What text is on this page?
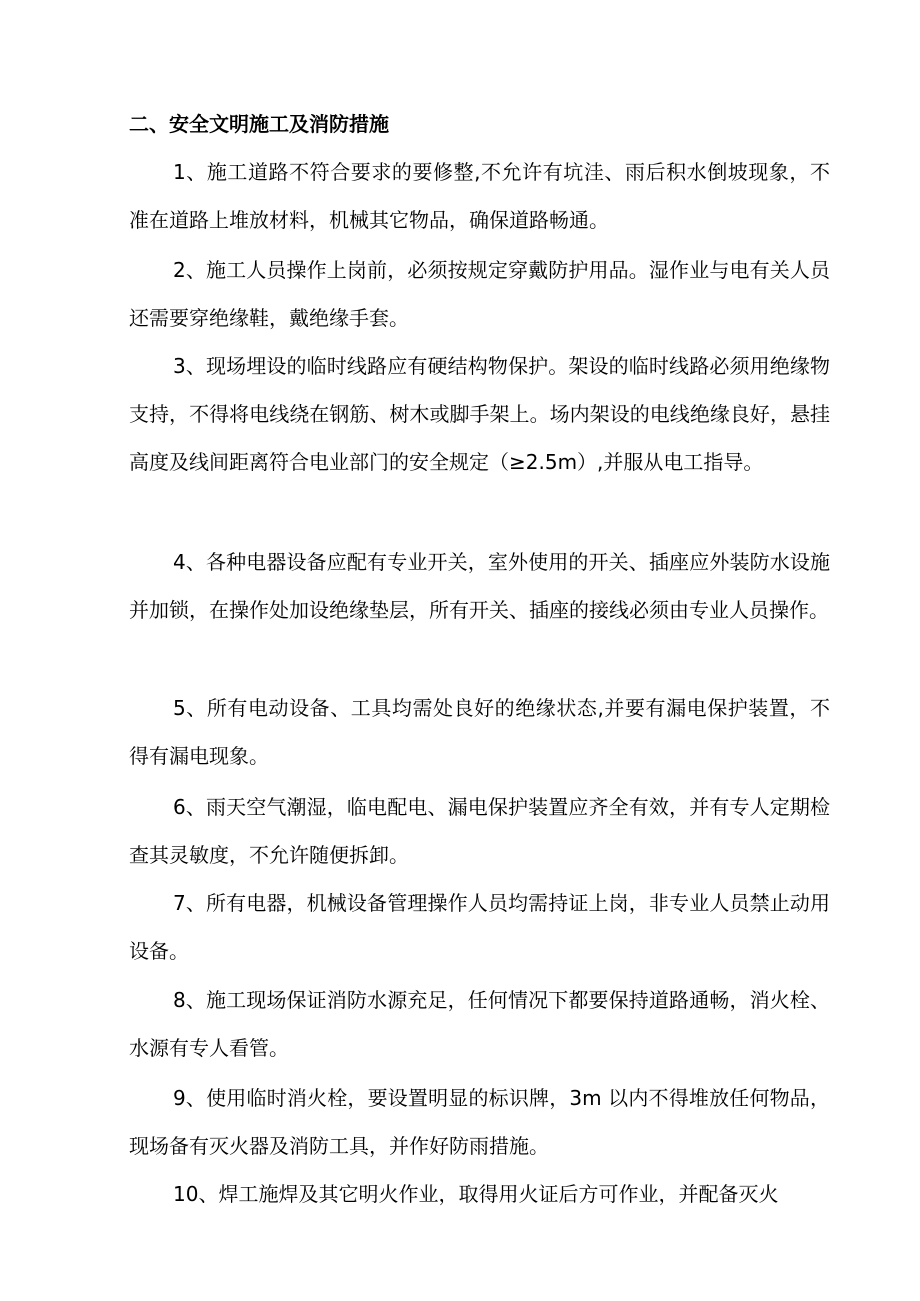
二、安全文明施工及消防措施
1、施工道路不符合要求的要修整,不允许有坑洼、雨后积水倒坡现象，不准在道路上堆放材料，机械其它物品，确保道路畅通。
2、施工人员操作上岗前，必须按规定穿戴防护用品。湿作业与电有关人员还需要穿绝缘鞋，戴绝缘手套。
3、现场埋设的临时线路应有硬结构物保护。架设的临时线路必须用绝缘物支持，不得将电线绕在钢筋、树木或脚手架上。场内架设的电线绝缘良好，悬挂高度及线间距离符合电业部门的安全规定（≥2.5m）,并服从电工指导。
4、各种电器设备应配有专业开关，室外使用的开关、插座应外装防水设施并加锁，在操作处加设绝缘垫层，所有开关、插座的接线必须由专业人员操作。
5、所有电动设备、工具均需处良好的绝缘状态,并要有漏电保护装置，不得有漏电现象。
6、雨天空气潮湿，临电配电、漏电保护装置应齐全有效，并有专人定期检查其灵敏度，不允许随便拆卸。
7、所有电器，机械设备管理操作人员均需持证上岗，非专业人员禁止动用设备。
8、施工现场保证消防水源充足，任何情况下都要保持道路通畅，消火栓、水源有专人看管。
9、使用临时消火栓，要设置明显的标识牌，3m 以内不得堆放任何物品，现场备有灭火器及消防工具，并作好防雨措施。
10、焊工施焊及其它明火作业，取得用火证后方可作业，并配备灭火
